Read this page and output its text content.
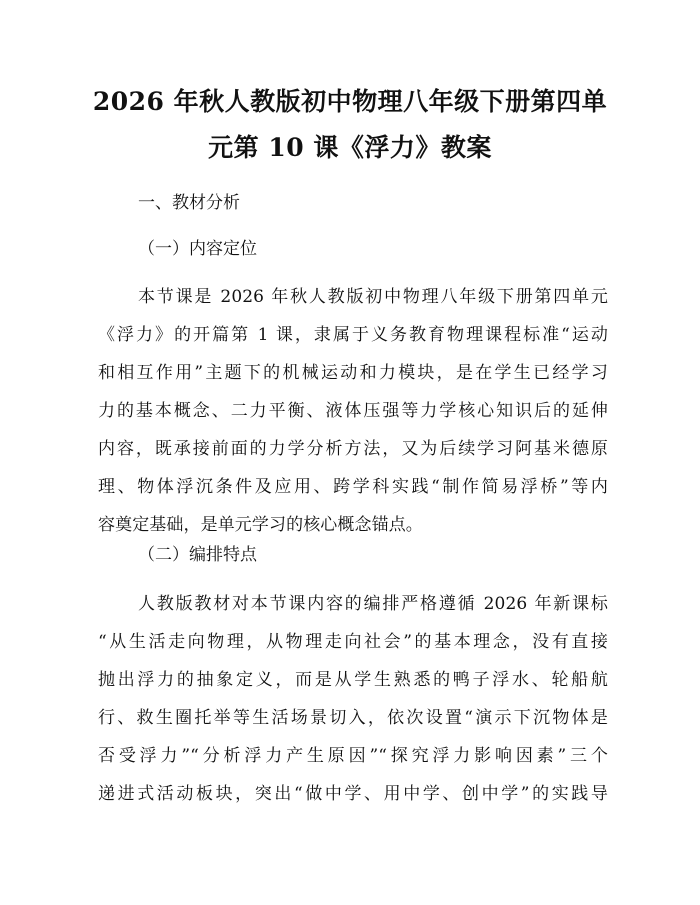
2026 年秋人教版初中物理八年级下册第四单
元第 10 课《浮力》教案

一、教材分析

（一）内容定位

本节课是 2026 年秋人教版初中物理八年级下册第四单元
《浮力》的开篇第 1 课，隶属于义务教育物理课程标准“运动
和相互作用”主题下的机械运动和力模块，是在学生已经学习
力的基本概念、二力平衡、液体压强等力学核心知识后的延伸
内容，既承接前面的力学分析方法，又为后续学习阿基米德原
理、物体浮沉条件及应用、跨学科实践“制作简易浮桥”等内
容奠定基础，是单元学习的核心概念锚点。

（二）编排特点

人教版教材对本节课内容的编排严格遵循 2026 年新课标
“从生活走向物理，从物理走向社会”的基本理念，没有直接
抛出浮力的抽象定义，而是从学生熟悉的鸭子浮水、轮船航
行、救生圈托举等生活场景切入，依次设置“演示下沉物体是
否受浮力”“分析浮力产生原因”“探究浮力影响因素”三个
递进式活动板块，突出“做中学、用中学、创中学”的实践导
